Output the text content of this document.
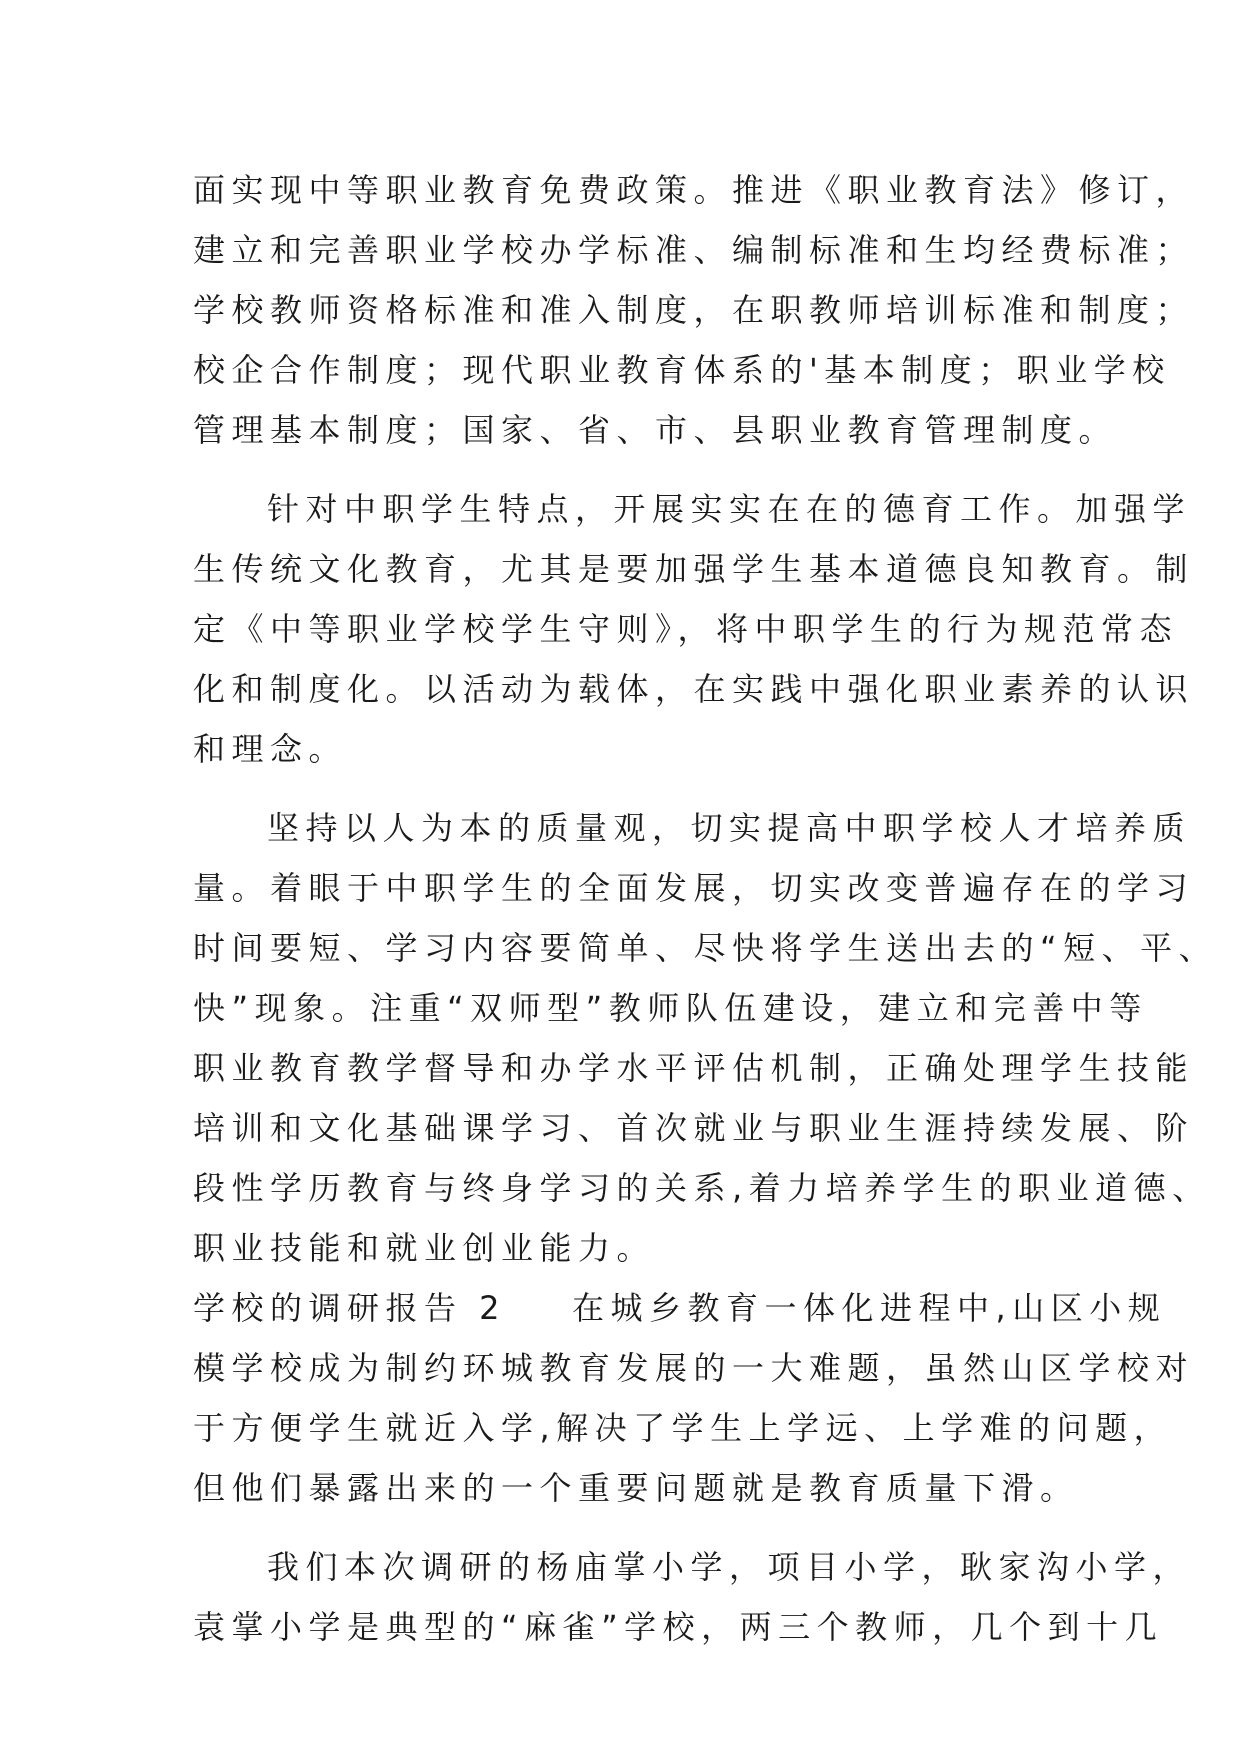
面实现中等职业教育免费政策。推进《职业教育法》修订，
建立和完善职业学校办学标准、编制标准和生均经费标准；
学校教师资格标准和准入制度，在职教师培训标准和制度；
校企合作制度；现代职业教育体系的'基本制度；职业学校
管理基本制度；国家、省、市、县职业教育管理制度。
针对中职学生特点，开展实实在在的德育工作。加强学
生传统文化教育，尤其是要加强学生基本道德良知教育。制
定《中等职业学校学生守则》，将中职学生的行为规范常态
化和制度化。以活动为载体，在实践中强化职业素养的认识
和理念。
坚持以人为本的质量观，切实提高中职学校人才培养质
量。着眼于中职学生的全面发展，切实改变普遍存在的学习
时间要短、学习内容要简单、尽快将学生送出去的“短、平、
快”现象。注重“双师型”教师队伍建设，建立和完善中等
职业教育教学督导和办学水平评估机制，正确处理学生技能
培训和文化基础课学习、首次就业与职业生涯持续发展、阶
段性学历教育与终身学习的关系,着力培养学生的职业道德、
职业技能和就业创业能力。
学校的调研报告 2 在城乡教育一体化进程中,山区小规
模学校成为制约环城教育发展的一大难题，虽然山区学校对
于方便学生就近入学,解决了学生上学远、上学难的问题，
但他们暴露出来的一个重要问题就是教育质量下滑。
我们本次调研的杨庙掌小学，项目小学，耿家沟小学，
袁掌小学是典型的“麻雀”学校，两三个教师，几个到十几
